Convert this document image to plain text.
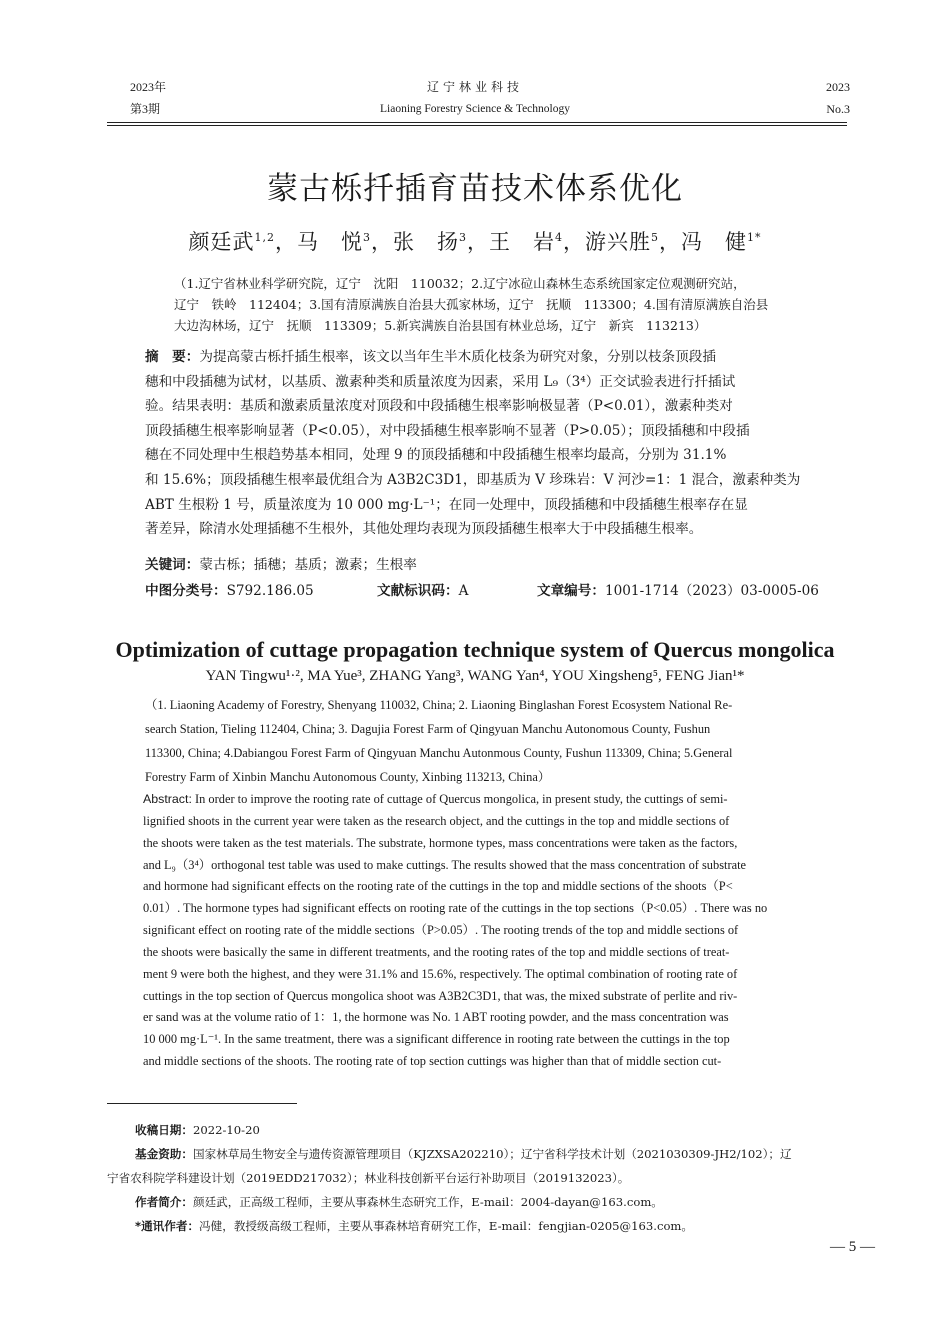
2023年
第3期
辽宁林业科技
Liaoning Forestry Science & Technology
2023
No.3
蒙古栎扦插育苗技术体系优化
颜廷武$^{1,2}$，马　悦$^3$，张　扬$^3$，王　岩$^4$，游兴胜$^5$，冯　健$^{1*}$

（1.辽宁省林业科学研究院，辽宁　沈阳　110032；2.辽宁冰砬山森林生态系统国家定位观测研究站，

辽宁　铁岭　112404；3.国有清原满族自治县大孤家林场，辽宁　抚顺　113300；4.国有清原满族自治县

大边沟林场，辽宁　抚顺　113309；5.新宾满族自治县国有林业总场，辽宁　新宾　113213）

摘　要：为提高蒙古栎扦插生根率，该文以当年生半木质化枝条为研究对象，分别以枝条顶段插

穗和中段插穗为试材，以基质、激素种类和质量浓度为因素，采用 L₉（3⁴）正交试验表进行扦插试

验。结果表明：基质和激素质量浓度对顶段和中段插穗生根率影响极显著（P<0.01），激素种类对

顶段插穗生根率影响显著（P<0.05），对中段插穗生根率影响不显著（P>0.05）；顶段插穗和中段插

穗在不同处理中生根趋势基本相同，处理 9 的顶段插穗和中段插穗生根率均最高，分别为 31.1%

和 15.6%；顶段插穗生根率最优组合为 A3B2C3D1，即基质为 V 珍珠岩：V 河沙=1：1 混合，激素种类为

ABT 生根粉 1 号，质量浓度为 10 000 mg·L⁻¹；在同一处理中，顶段插穗和中段插穗生根率存在显

著差异，除清水处理插穗不生根外，其他处理均表现为顶段插穗生根率大于中段插穗生根率。

关键词：蒙古栎；插穗；基质；激素；生根率
中图分类号：S792.186.05	文献标识码：A	文章编号：1001-1714（2023）03-0005-06
Optimization of cuttage propagation technique system of Quercus mongolica
YAN Tingwu¹·², MA Yue³, ZHANG Yang³, WANG Yan⁴, YOU Xingsheng⁵, FENG Jian¹*

（1. Liaoning Academy of Forestry, Shenyang 110032, China; 2. Liaoning Binglashan Forest Ecosystem National Re-

search Station, Tieling 112404, China; 3. Dagujia Forest Farm of Qingyuan Manchu Autonomous County, Fushun

113300, China; 4.Dabiangou Forest Farm of Qingyuan Manchu Autonmous County, Fushun 113309, China; 5.General

Forestry Farm of Xinbin Manchu Autonomous County, Xinbing 113213, China）

Abstract: In order to improve the rooting rate of cuttage of Quercus mongolica, in present study, the cuttings of semi-

lignified shoots in the current year were taken as the research object, and the cuttings in the top and middle sections of

the shoots were taken as the test materials. The substrate, hormone types, mass concentrations were taken as the factors,

and L₉（3⁴）orthogonal test table was used to make cuttings. The results showed that the mass concentration of substrate

and hormone had significant effects on the rooting rate of the cuttings in the top and middle sections of the shoots（P<

0.01）. The hormone types had significant effects on rooting rate of the cuttings in the top sections（P<0.05）. There was no

significant effect on rooting rate of the middle sections（P>0.05）. The rooting trends of the top and middle sections of

the shoots were basically the same in different treatments, and the rooting rates of the top and middle sections of treat-

ment 9 were both the highest, and they were 31.1% and 15.6%, respectively. The optimal combination of rooting rate of

cuttings in the top section of Quercus mongolica shoot was A3B2C3D1, that was, the mixed substrate of perlite and riv-

er sand was at the volume ratio of 1：1, the hormone was No. 1 ABT rooting powder, and the mass concentration was

10 000 mg·L⁻¹. In the same treatment, there was a significant difference in rooting rate between the cuttings in the top

and middle sections of the shoots. The rooting rate of top section cuttings was higher than that of middle section cut-

收稿日期：2022-10-20

基金资助：国家林草局生物安全与遗传资源管理项目（KJZXSA202210）；辽宁省科学技术计划（2021030309-JH2/102）；辽

宁省农科院学科建设计划（2019EDD217032）；林业科技创新平台运行补助项目（2019132023）。

作者简介：颜廷武，正高级工程师，主要从事森林生态研究工作，E-mail：2004-dayan@163.com。

*通讯作者：冯健，教授级高级工程师，主要从事森林培育研究工作，E-mail：fengjian-0205@163.com。

— 5 —
